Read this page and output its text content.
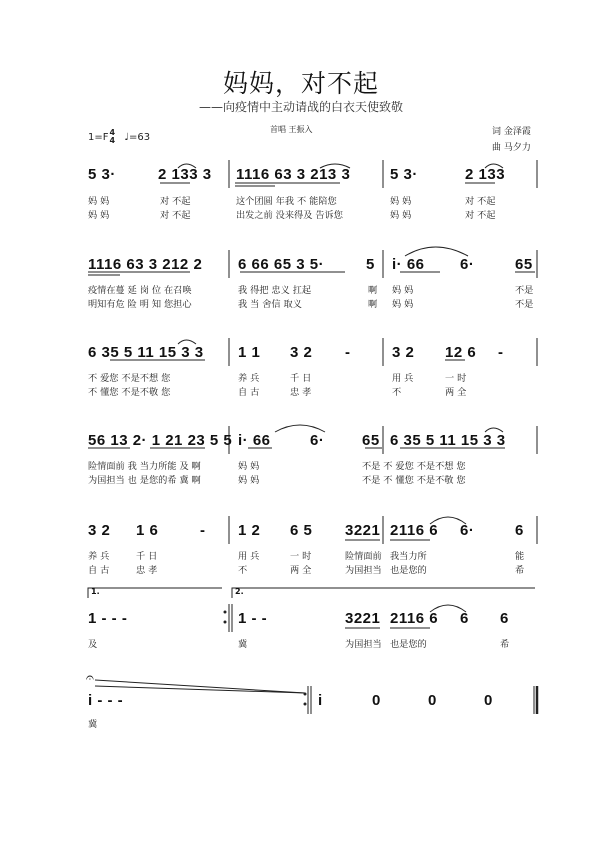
妈妈，对不起
——向疫情中主动请战的白衣天使致敬
1=F 4
4 ♩=63
首唱 王振入	词 金泽霞
曲 马夕力
5 3·	2 133 3 1116 63 3 213 3	5 3·	2 133
妈 妈	对 不起	这个团圆 年我 不 能陪您	妈 妈	对 不起
妈 妈	对 不起	出发之前 没来得及 告诉您	妈 妈	对 不起
1116 63 3 212 2 6 66 65 3 5·	5 i· 66 6·	65
疫情在蔓 延 岗 位 在召唤	我 得把 忠义 扛起	啊 妈 妈	不是
明知有危 险 明 知 您担心	我 当 舍信 取义	啊 妈 妈	不是
6 35 5 11 15 3 3 1 1 3 2 -	3 2 12 6 -
不 爱您 不是不想 您	养 兵	千 日	用 兵	一 时
不 懂您 不是不敬 您	自 古	忠 孝	不	两 全
56 13 2· 1 21 23 5 5 i· 66	6·	65 6 35 5 11 15 3 3
险情面前 我 当力所能 及 啊	妈 妈	不是 不 爱您 不是不想 您
为国担当 也 是您的希 冀 啊	妈 妈	不是 不 懂您 不是不敬 您
3 2 1 6	- 1 2 6 5 3221 2116 6 6·	6
养 兵	千 日	用 兵	一 时	险情面前 我当力所	能
自 古	忠 孝	不	两 全	为国担当 也是您的	希
1.	2.
1 - - -	1 - -	3221 2116 6 6 6
及	冀	为国担当 也是您的	希
𝄐
i - - -	i	0	0	0
冀
